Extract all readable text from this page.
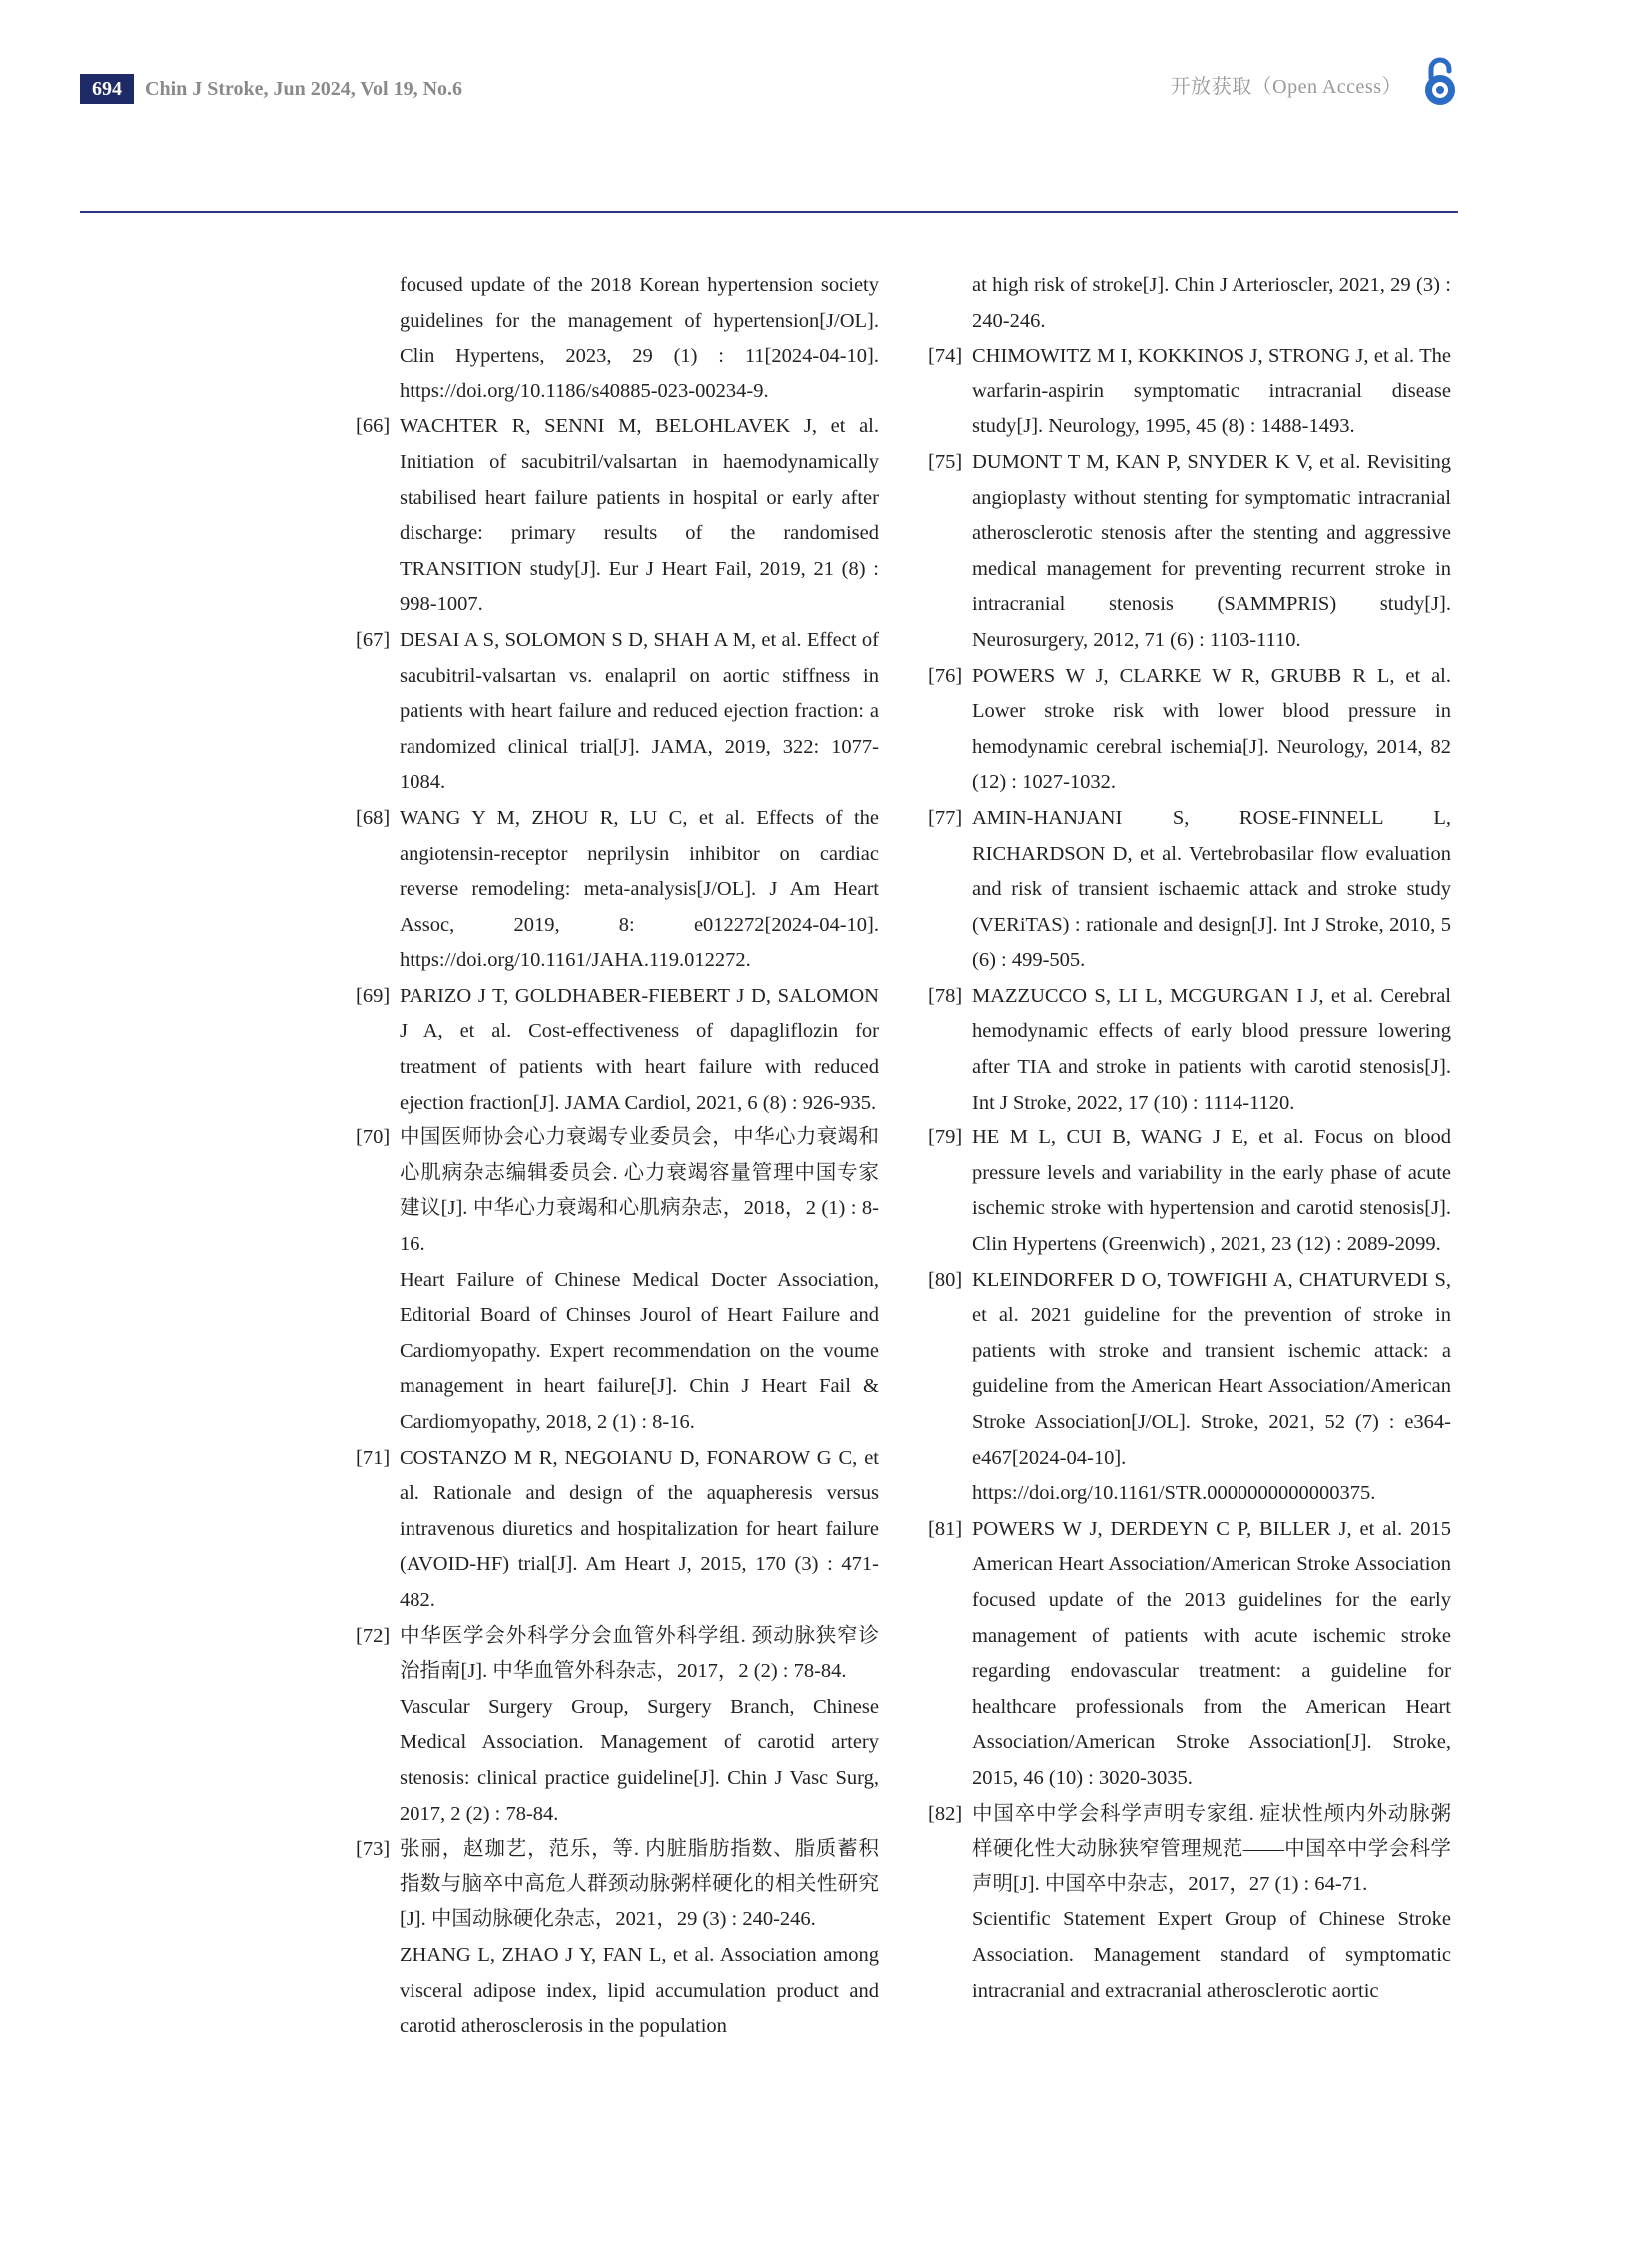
694	Chin J Stroke, Jun 2024, Vol 19, No.6	开放获取（Open Access）

focused update of the 2018 Korean hypertension society guidelines for the management of hypertension[J/OL]. Clin Hypertens, 2023, 29 (1) : 11[2024-04-10]. https://doi.org/10.1186/s40885-023-00234-9.

[66] WACHTER R, SENNI M, BELOHLAVEK J, et al. Initiation of sacubitril/valsartan in haemodynamically stabilised heart failure patients in hospital or early after discharge: primary results of the randomised TRANSITION study[J]. Eur J Heart Fail, 2019, 21 (8) : 998-1007.

[67] DESAI A S, SOLOMON S D, SHAH A M, et al. Effect of sacubitril-valsartan vs. enalapril on aortic stiffness in patients with heart failure and reduced ejection fraction: a randomized clinical trial[J]. JAMA, 2019, 322: 1077-1084.

[68] WANG Y M, ZHOU R, LU C, et al. Effects of the angiotensin-receptor neprilysin inhibitor on cardiac reverse remodeling: meta-analysis[J/OL]. J Am Heart Assoc, 2019, 8: e012272[2024-04-10]. https://doi.org/10.1161/JAHA.119.012272.

[69] PARIZO J T, GOLDHABER-FIEBERT J D, SALOMON J A, et al. Cost-effectiveness of dapagliflozin for treatment of patients with heart failure with reduced ejection fraction[J]. JAMA Cardiol, 2021, 6 (8) : 926-935.

[70] 中国医师协会心力衰竭专业委员会，中华心力衰竭和心肌病杂志编辑委员会. 心力衰竭容量管理中国专家建议[J]. 中华心力衰竭和心肌病杂志，2018，2 (1) : 8-16.

Heart Failure of Chinese Medical Docter Association, Editorial Board of Chinses Jourol of Heart Failure and Cardiomyopathy. Expert recommendation on the voume management in heart failure[J]. Chin J Heart Fail & Cardiomyopathy, 2018, 2 (1) : 8-16.

[71] COSTANZO M R, NEGOIANU D, FONAROW G C, et al. Rationale and design of the aquapheresis versus intravenous diuretics and hospitalization for heart failure (AVOID-HF) trial[J]. Am Heart J, 2015, 170 (3) : 471-482.

[72] 中华医学会外科学分会血管外科学组. 颈动脉狭窄诊治指南[J]. 中华血管外科杂志，2017，2 (2) : 78-84.

Vascular Surgery Group, Surgery Branch, Chinese Medical Association. Management of carotid artery stenosis: clinical practice guideline[J]. Chin J Vasc Surg, 2017, 2 (2) : 78-84.

[73] 张丽，赵珈艺，范乐，等. 内脏脂肪指数、脂质蓄积指数与脑卒中高危人群颈动脉粥样硬化的相关性研究[J]. 中国动脉硬化杂志，2021，29 (3) : 240-246.

ZHANG L, ZHAO J Y, FAN L, et al. Association among visceral adipose index, lipid accumulation product and carotid atherosclerosis in the population

at high risk of stroke[J]. Chin J Arterioscler, 2021, 29 (3) : 240-246.

[74] CHIMOWITZ M I, KOKKINOS J, STRONG J, et al. The warfarin-aspirin symptomatic intracranial disease study[J]. Neurology, 1995, 45 (8) : 1488-1493.

[75] DUMONT T M, KAN P, SNYDER K V, et al. Revisiting angioplasty without stenting for symptomatic intracranial atherosclerotic stenosis after the stenting and aggressive medical management for preventing recurrent stroke in intracranial stenosis (SAMMPRIS) study[J]. Neurosurgery, 2012, 71 (6) : 1103-1110.

[76] POWERS W J, CLARKE W R, GRUBB R L, et al. Lower stroke risk with lower blood pressure in hemodynamic cerebral ischemia[J]. Neurology, 2014, 82 (12) : 1027-1032.

[77] AMIN-HANJANI S, ROSE-FINNELL L, RICHARDSON D, et al. Vertebrobasilar flow evaluation and risk of transient ischaemic attack and stroke study (VERiTAS) : rationale and design[J]. Int J Stroke, 2010, 5 (6) : 499-505.

[78] MAZZUCCO S, LI L, MCGURGAN I J, et al. Cerebral hemodynamic effects of early blood pressure lowering after TIA and stroke in patients with carotid stenosis[J]. Int J Stroke, 2022, 17 (10) : 1114-1120.

[79] HE M L, CUI B, WANG J E, et al. Focus on blood pressure levels and variability in the early phase of acute ischemic stroke with hypertension and carotid stenosis[J]. Clin Hypertens (Greenwich) , 2021, 23 (12) : 2089-2099.

[80] KLEINDORFER D O, TOWFIGHI A, CHATURVEDI S, et al. 2021 guideline for the prevention of stroke in patients with stroke and transient ischemic attack: a guideline from the American Heart Association/American Stroke Association[J/OL]. Stroke, 2021, 52 (7) : e364-e467[2024-04-10]. https://doi.org/10.1161/STR.0000000000000375.

[81] POWERS W J, DERDEYN C P, BILLER J, et al. 2015 American Heart Association/American Stroke Association focused update of the 2013 guidelines for the early management of patients with acute ischemic stroke regarding endovascular treatment: a guideline for healthcare professionals from the American Heart Association/American Stroke Association[J]. Stroke, 2015, 46 (10) : 3020-3035.

[82] 中国卒中学会科学声明专家组. 症状性颅内外动脉粥样硬化性大动脉狭窄管理规范——中国卒中学会科学声明[J]. 中国卒中杂志，2017，27 (1) : 64-71.

Scientific Statement Expert Group of Chinese Stroke Association. Management standard of symptomatic intracranial and extracranial atherosclerotic aortic
